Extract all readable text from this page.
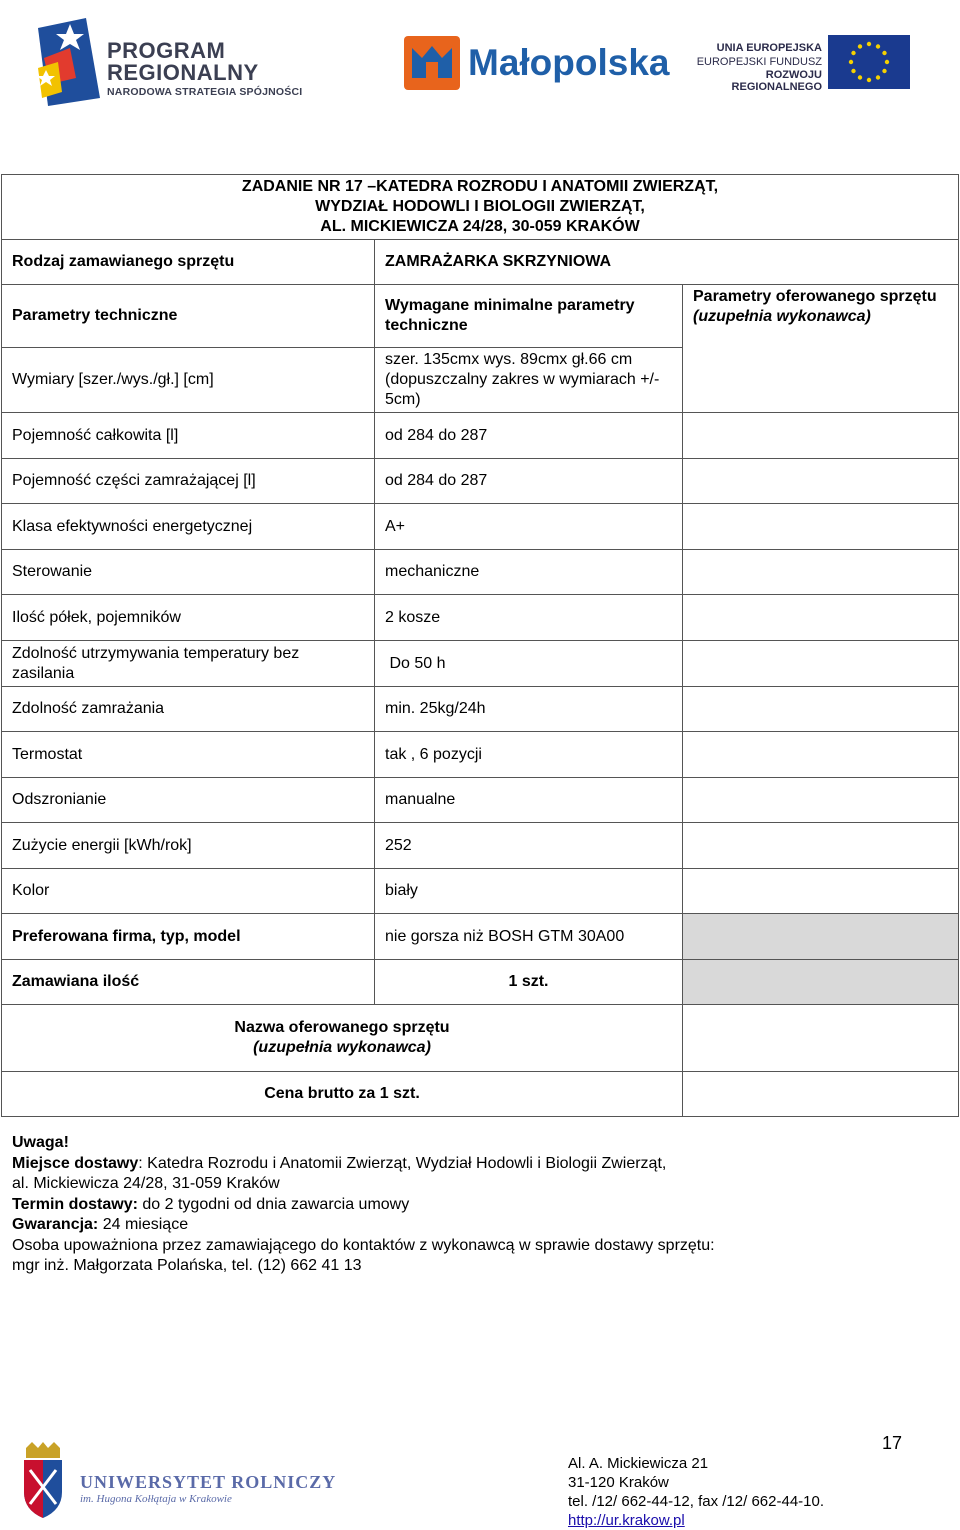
PROGRAM
REGIONALNY
NARODOWA STRATEGIA SPÓJNOŚCI
Małopolska	UNIA EUROPEJSKA
EUROPEJSKI FUNDUSZ
ROZWOJU REGIONALNEGO
ZADANIE NR 17 –KATEDRA ROZRODU I ANATOMII ZWIERZĄT,
WYDZIAŁ HODOWLI I BIOLOGII ZWIERZĄT,
AL. MICKIEWICZA 24/28, 30-059 KRAKÓW		

Rodzaj zamawianego sprzętu	ZAMRAŻARKA SKRZYNIOWA	
Parametry techniczne	Wymagane minimalne parametry techniczne	Parametry oferowanego sprzętu
(uzupełnia wykonawca)

Wymiary [szer./wys./gł.] [cm]	szer. 135cmx wys. 89cmx gł.66 cm (dopuszczalny zakres w wymiarach +/- 5cm)	
Pojemność całkowita [l]	od 284 do 287	
Pojemność części zamrażającej [l]	od 284 do 287	
Klasa efektywności energetycznej	A+	
Sterowanie	mechaniczne	
Ilość półek, pojemników	2 kosze	
Zdolność utrzymywania temperatury bez zasilania	Do 50 h	
Zdolność zamrażania	min. 25kg/24h	
Termostat	tak , 6 pozycji	
Odszronianie	manualne	
Zużycie energii [kWh/rok]	252	
Kolor	biały	
Preferowana firma, typ, model	nie gorsza niż BOSH GTM 30A00	
Zamawiana ilość	1 szt.	

Nazwa oferowanego sprzętu
(uzupełnia wykonawca)		

Cena brutto za 1 szt.		
Uwaga!
Miejsce dostawy: Katedra Rozrodu i Anatomii Zwierząt, Wydział Hodowli i Biologii Zwierząt,
al. Mickiewicza 24/28, 31-059 Kraków
Termin dostawy: do 2 tygodni od dnia zawarcia umowy
Gwarancja: 24 miesiące
Osoba upoważniona przez zamawiającego do kontaktów z wykonawcą w sprawie dostawy sprzętu:
mgr inż. Małgorzata Polańska, tel. (12) 662 41 13
UNIWERSYTET ROLNICZY
im. Hugona Kołłątaja w Krakowie
17
Al. A. Mickiewicza 21
31-120 Kraków
tel. /12/ 662-44-12, fax /12/ 662-44-10.
http://ur.krakow.pl
